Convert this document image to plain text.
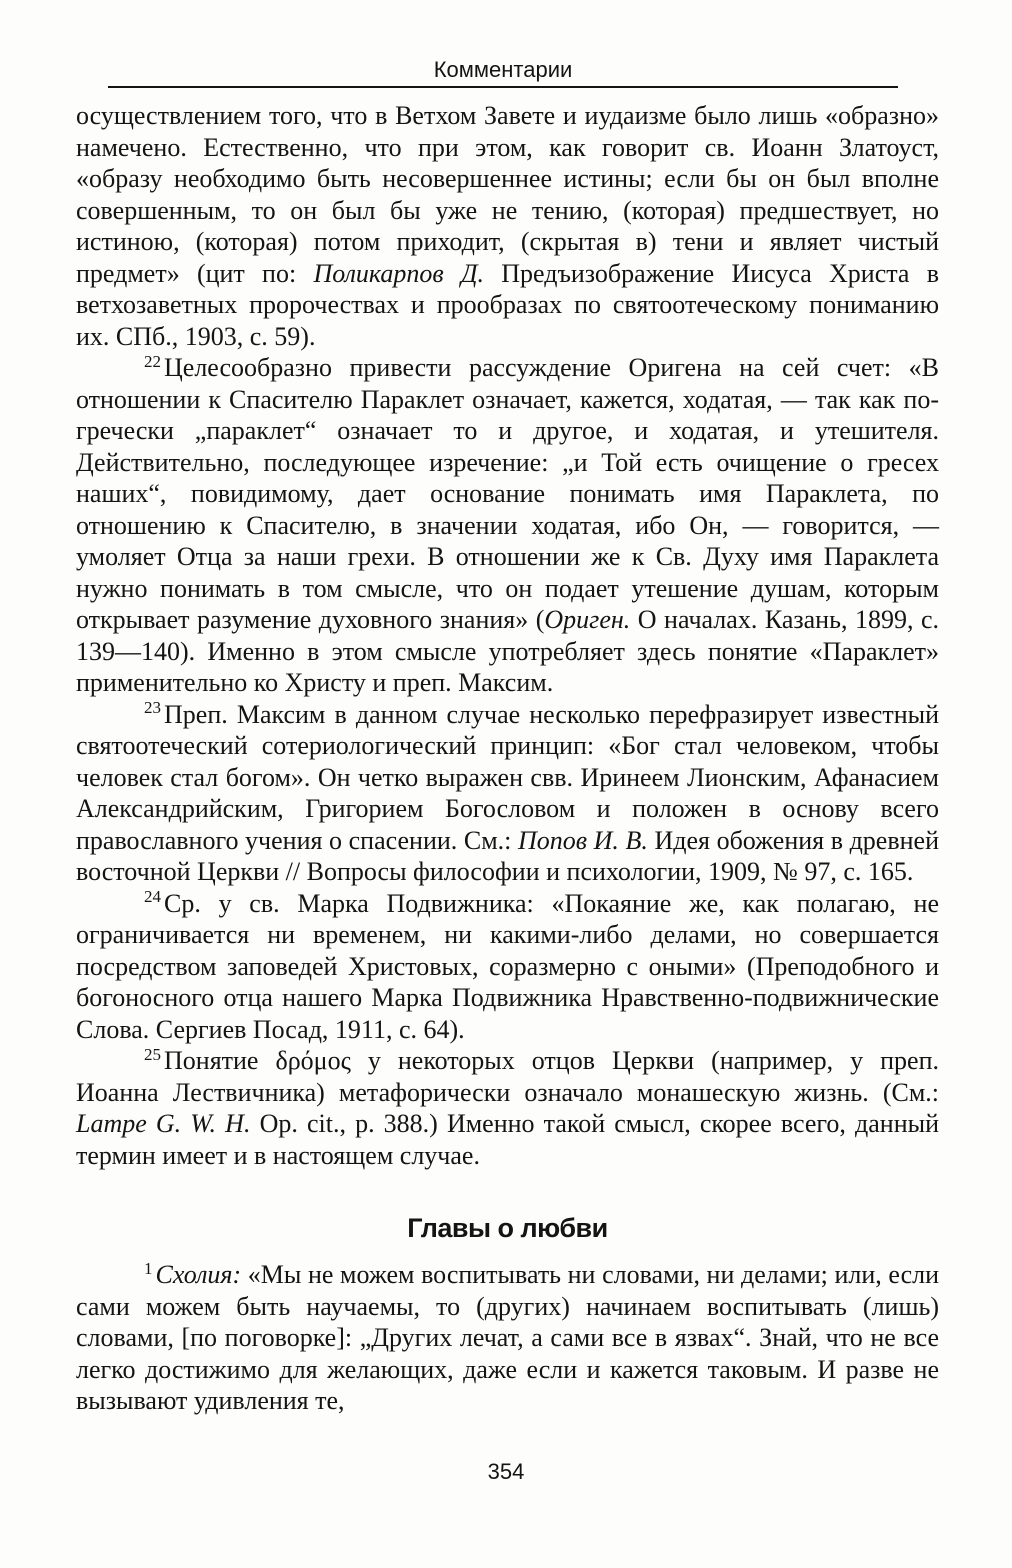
Комментарии

осуществлением того, что в Ветхом Завете и иудаизме было лишь «образно» намечено. Естественно, что при этом, как говорит св. Иоанн Златоуст, «образу необходимо быть несовершеннее истины; если бы он был вполне совершенным, то он был бы уже не тению, (которая) предшествует, но истиною, (которая) потом приходит, (скрытая в) тени и являет чистый предмет» (цит по: Поликарпов Д. Предъизображение Иисуса Христа в ветхозаветных пророчествах и прообразах по святоотеческому пониманию их. СПб., 1903, с. 59).

$^{22}$ Целесообразно привести рассуждение Оригена на сей счет: «В отношении к Спасителю Параклет означает, кажется, ходатая, — так как по-гречески „параклет“ означает то и другое, и ходатая, и утешителя. Действительно, последующее изречение: „и Той есть очищение о гресех наших“, повидимому, дает основание понимать имя Параклета, по отношению к Спасителю, в значении ходатая, ибо Он, — говорится, — умоляет Отца за наши грехи. В отношении же к Св. Духу имя Параклета нужно понимать в том смысле, что он подает утешение душам, которым открывает разумение духовного знания» (Ориген. О началах. Казань, 1899, с. 139—140). Именно в этом смысле употребляет здесь понятие «Параклет» применительно ко Христу и преп. Максим.

$^{23}$ Преп. Максим в данном случае несколько перефразирует известный святоотеческий сотериологический принцип: «Бог стал человеком, чтобы человек стал богом». Он четко выражен свв. Иринеем Лионским, Афанасием Александрийским, Григорием Богословом и положен в основу всего православного учения о спасении. См.: Попов И. В. Идея обожения в древней восточной Церкви // Вопросы философии и психологии, 1909, № 97, с. 165.

$^{24}$ Ср. у св. Марка Подвижника: «Покаяние же, как полагаю, не ограничивается ни временем, ни какими-либо делами, но совершается посредством заповедей Христовых, соразмерно с оными» (Преподобного и богоносного отца нашего Марка Подвижника Нравственно-подвижнические Слова. Сергиев Посад, 1911, с. 64).

$^{25}$ Понятие δρόμος у некоторых отцов Церкви (например, у преп. Иоанна Лествичника) метафорически означало монашескую жизнь. (См.: Lampe G. W. H. Op. cit., p. 388.) Именно такой смысл, скорее всего, данный термин имеет и в настоящем случае.

Главы о любви

$^1$ Схолия: «Мы не можем воспитывать ни словами, ни делами; или, если сами можем быть научаемы, то (других) начинаем воспитывать (лишь) словами, [по поговорке]: „Других лечат, а сами все в язвах“. Знай, что не все легко достижимо для желающих, даже если и кажется таковым. И разве не вызывают удивления те,

354
